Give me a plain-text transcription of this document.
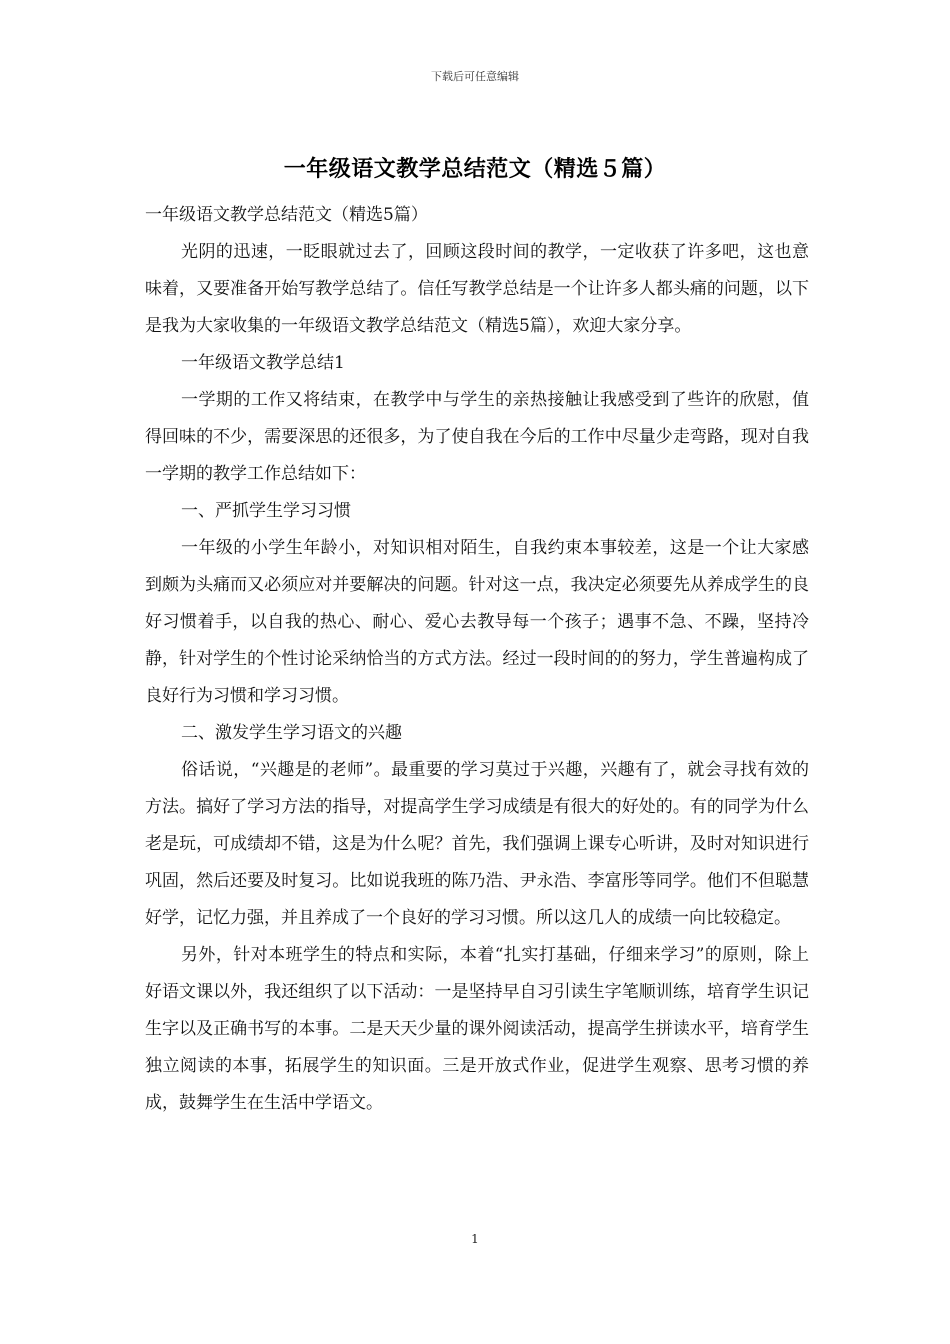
下载后可任意编辑
一年级语文教学总结范文（精选５篇）

一年级语文教学总结范文（精选5篇）

光阴的迅速，一眨眼就过去了，回顾这段时间的教学，一定收获了许多吧，这也意味着，又要准备开始写教学总结了。信任写教学总结是一个让许多人都头痛的问题，以下是我为大家收集的一年级语文教学总结范文（精选5篇），欢迎大家分享。

一年级语文教学总结1

一学期的工作又将结束，在教学中与学生的亲热接触让我感受到了些许的欣慰，值得回味的不少，需要深思的还很多，为了使自我在今后的工作中尽量少走弯路，现对自我一学期的教学工作总结如下：

一、严抓学生学习习惯

一年级的小学生年龄小，对知识相对陌生，自我约束本事较差，这是一个让大家感到颇为头痛而又必须应对并要解决的问题。针对这一点，我决定必须要先从养成学生的良好习惯着手，以自我的热心、耐心、爱心去教导每一个孩子；遇事不急、不躁，坚持冷静，针对学生的个性讨论采纳恰当的方式方法。经过一段时间的的努力，学生普遍构成了良好行为习惯和学习习惯。

二、激发学生学习语文的兴趣

俗话说，“兴趣是的老师”。最重要的学习莫过于兴趣，兴趣有了，就会寻找有效的方法。搞好了学习方法的指导，对提高学生学习成绩是有很大的好处的。有的同学为什么老是玩，可成绩却不错，这是为什么呢？首先，我们强调上课专心听讲，及时对知识进行巩固，然后还要及时复习。比如说我班的陈乃浩、尹永浩、李富彤等同学。他们不但聪慧好学，记忆力强，并且养成了一个良好的学习习惯。所以这几人的成绩一向比较稳定。

另外，针对本班学生的特点和实际，本着“扎实打基础，仔细来学习”的原则，除上好语文课以外，我还组织了以下活动：一是坚持早自习引读生字笔顺训练，培育学生识记生字以及正确书写的本事。二是天天少量的课外阅读活动，提高学生拼读水平，培育学生独立阅读的本事，拓展学生的知识面。三是开放式作业，促进学生观察、思考习惯的养成，鼓舞学生在生活中学语文。

1
